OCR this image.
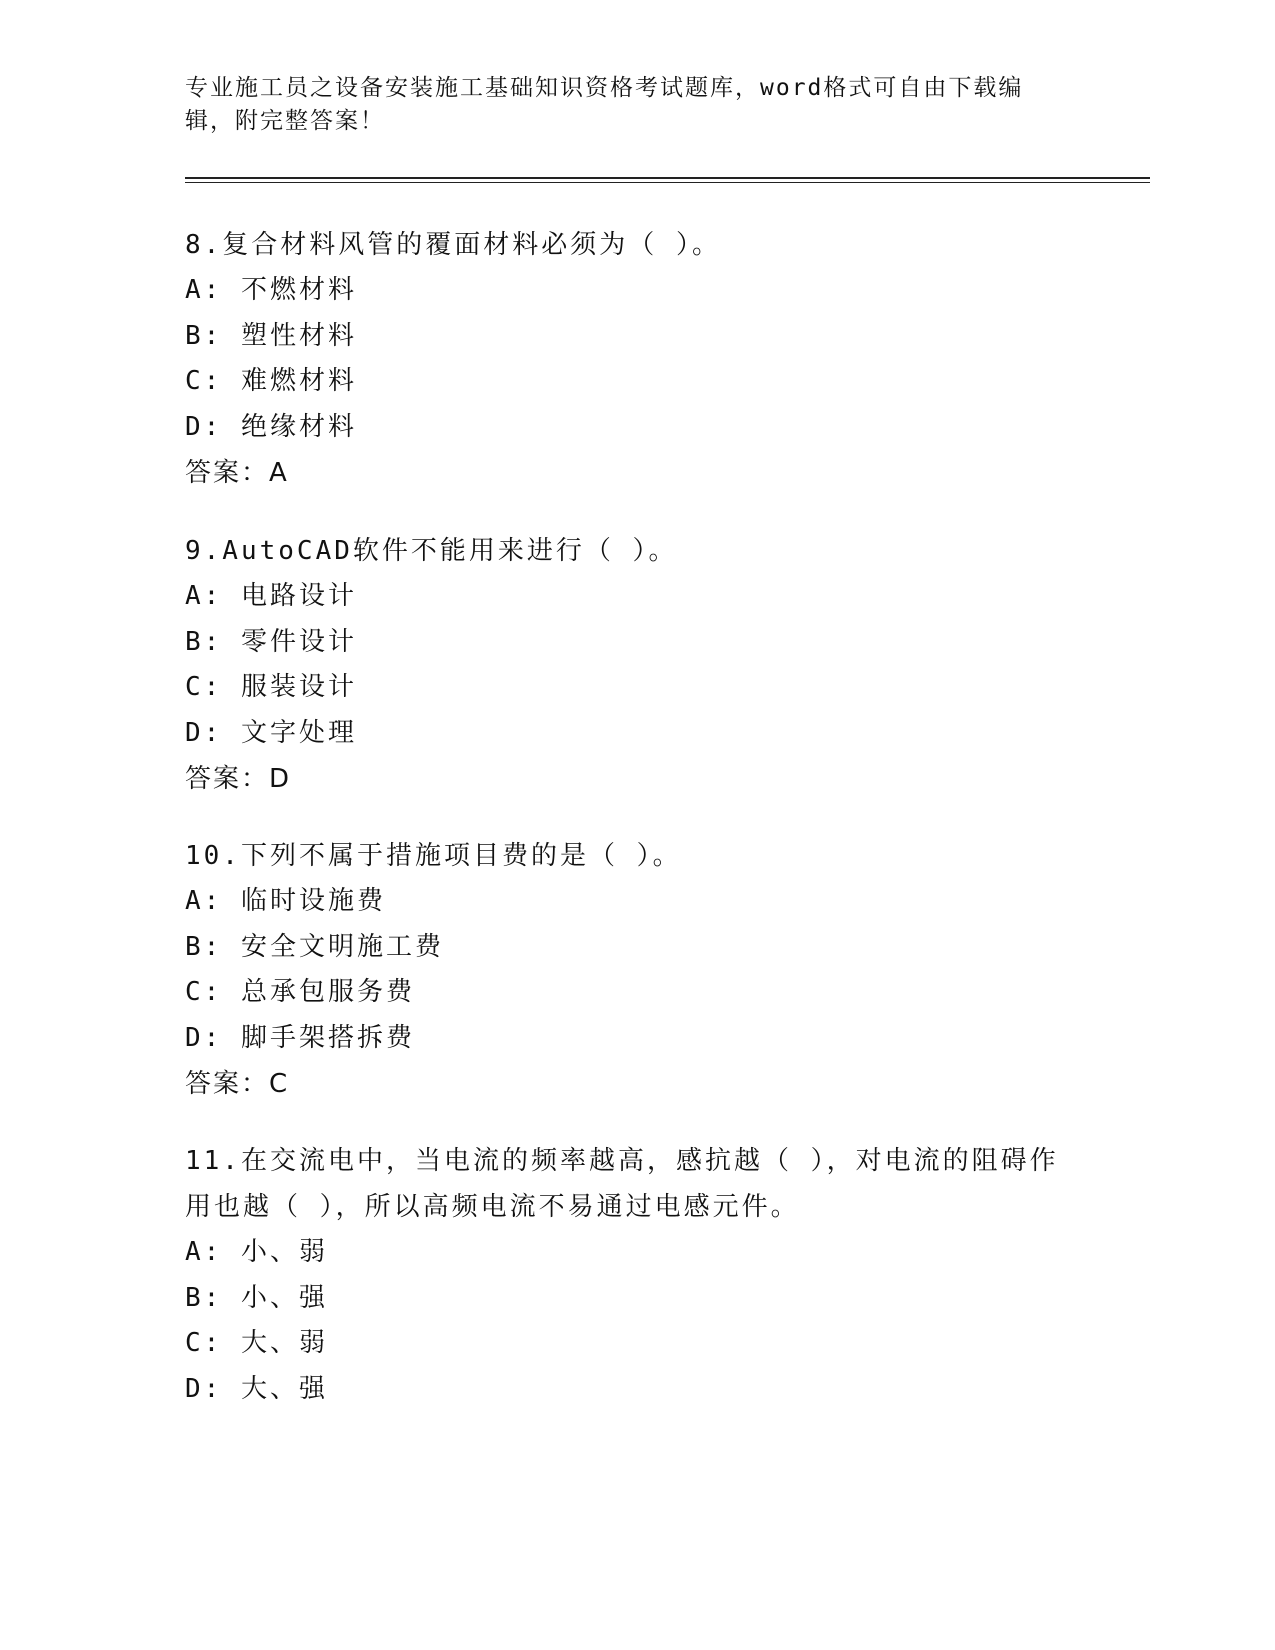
专业施工员之设备安装施工基础知识资格考试题库，word格式可自由下载编辑，附完整答案！

8.复合材料风管的覆面材料必须为（ ）。

A: 不燃材料

B: 塑性材料

C: 难燃材料

D: 绝缘材料

答案：A

9.AutoCAD软件不能用来进行（ ）。

A: 电路设计

B: 零件设计

C: 服装设计

D: 文字处理

答案：D

10.下列不属于措施项目费的是（ ）。

A: 临时设施费

B: 安全文明施工费

C: 总承包服务费

D: 脚手架搭拆费

答案：C

11.在交流电中，当电流的频率越高，感抗越（ ），对电流的阻碍作用也越（ ），所以高频电流不易通过电感元件。

A: 小、弱

B: 小、强

C: 大、弱

D: 大、强
